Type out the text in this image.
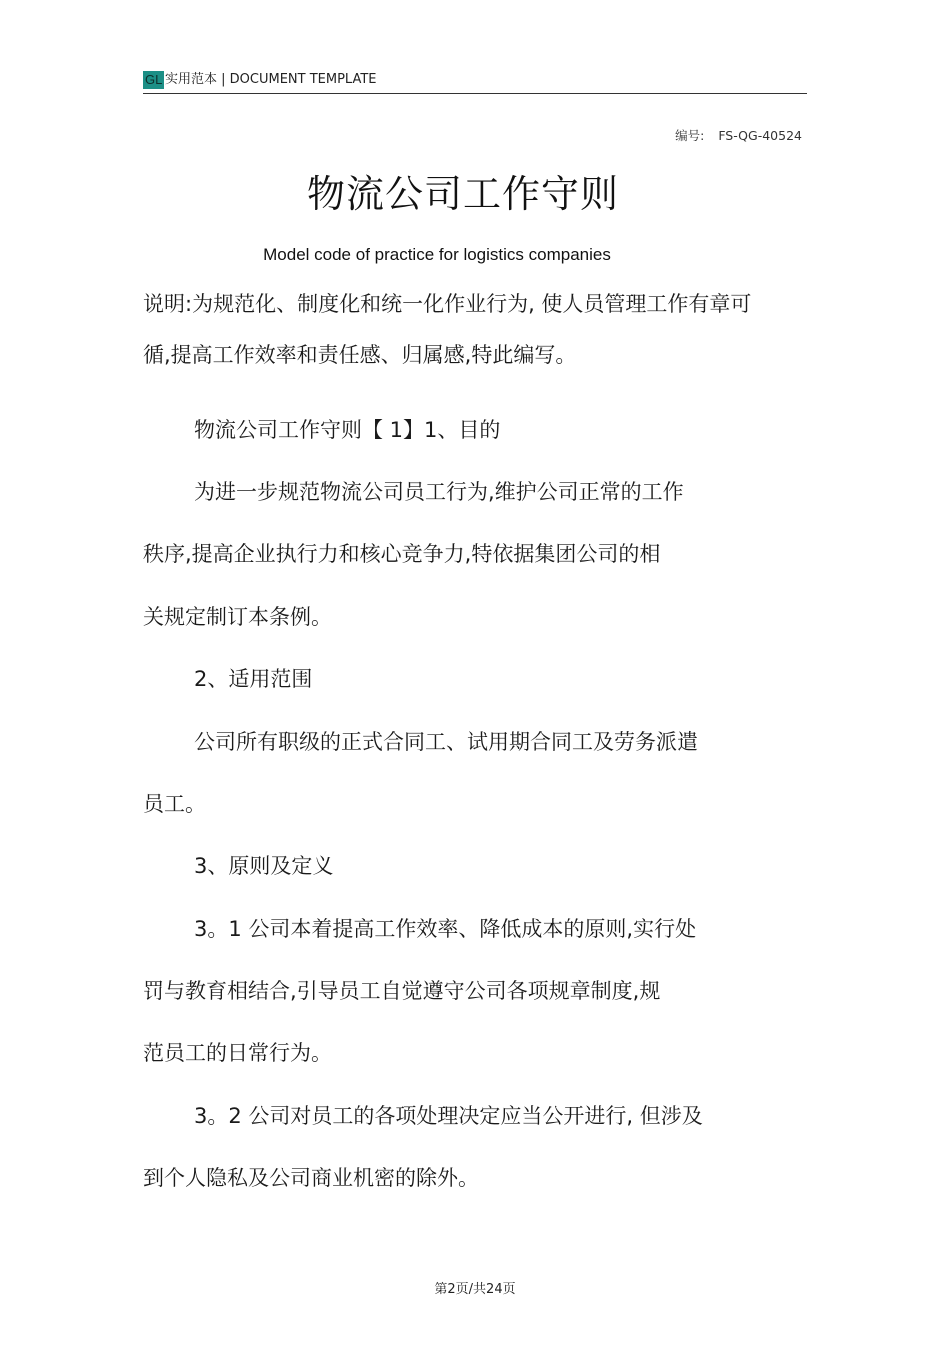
GL 实用范本 | DOCUMENT TEMPLATE
编号: FS-QG-40524
物流公司工作守则
Model code of practice for logistics companies
说明:为规范化、制度化和统一化作业行为, 使人员管理工作有章可
循,提高工作效率和责任感、归属感,特此编写。
物流公司工作守则【 1】1、目的
为进一步规范物流公司员工行为,维护公司正常的工作
秩序,提高企业执行力和核心竞争力,特依据集团公司的相
关规定制订本条例。
2、适用范围
公司所有职级的正式合同工、试用期合同工及劳务派遣
员工。
3、原则及定义
3。1 公司本着提高工作效率、降低成本的原则,实行处
罚与教育相结合,引导员工自觉遵守公司各项规章制度,规
范员工的日常行为。
3。2 公司对员工的各项处理决定应当公开进行, 但涉及
到个人隐私及公司商业机密的除外。
第2页/共24页
